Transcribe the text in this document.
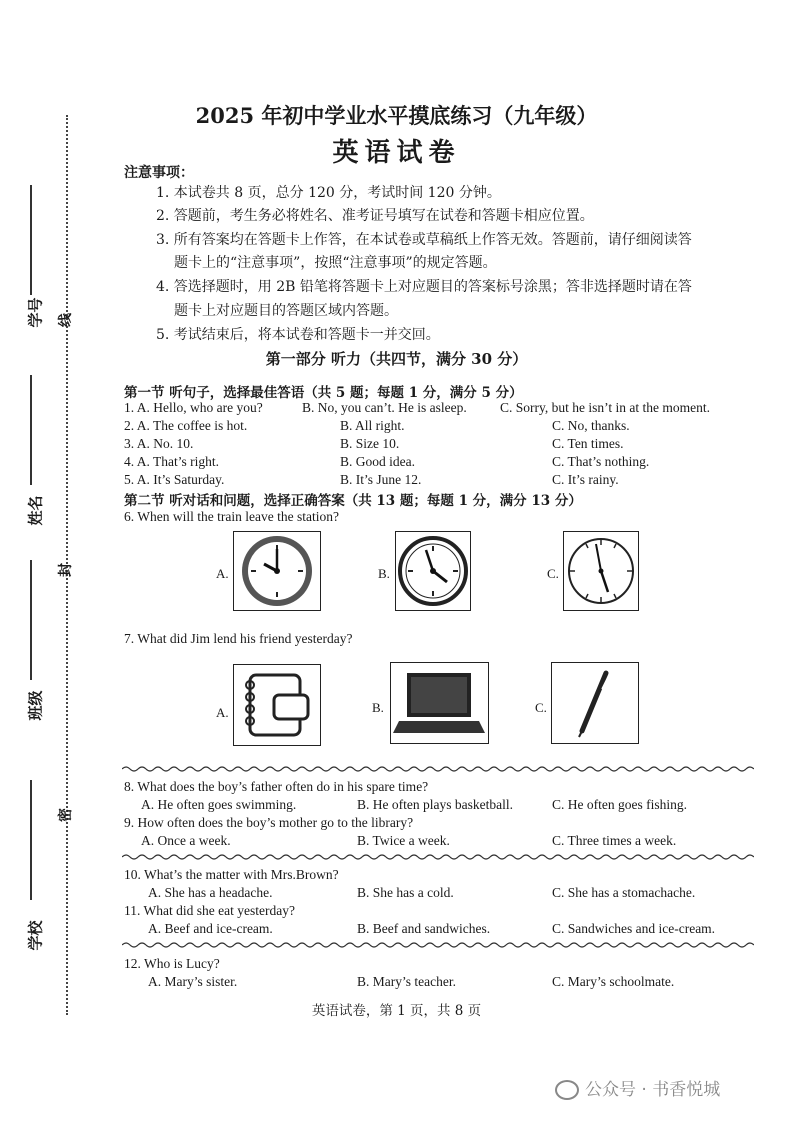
学号
姓名
班级
学校
线
封
密
2025 年初中学业水平摸底练习（九年级）
英语试卷
注意事项：
1. 本试卷共 8 页，总分 120 分，考试时间 120 分钟。
2. 答题前，考生务必将姓名、准考证号填写在试卷和答题卡相应位置。
3. 所有答案均在答题卡上作答，在本试卷或草稿纸上作答无效。答题前，请仔细阅读答
题卡上的“注意事项”，按照“注意事项”的规定答题。
4. 答选择题时，用 2B 铅笔将答题卡上对应题目的答案标号涂黑；答非选择题时请在答
题卡上对应题目的答题区域内答题。
5. 考试结束后，将本试卷和答题卡一并交回。
第一部分 听力（共四节，满分 30 分）
第一节 听句子，选择最佳答语（共 5 题；每题 1 分，满分 5 分）
1. A. Hello, who are you?	B. No, you can’t. He is asleep. C. Sorry, but he isn’t in at the moment.
2. A. The coffee is hot.	B. All right.	C. No, thanks.
3. A. No. 10.	B. Size 10.	C. Ten times.
4. A. That’s right.	B. Good idea.	C. That’s nothing.
5. A. It’s Saturday.	B. It’s June 12.	C. It’s rainy.
第二节 听对话和问题，选择正确答案（共 13 题；每题 1 分，满分 13 分）
6. When will the train leave the station?
A.	B.	C.
7. What did Jim lend his friend yesterday?
A.	B.	C.
8. What does the boy’s father often do in his spare time?
A. He often goes swimming.	B. He often plays basketball.	C. He often goes fishing.
9. How often does the boy’s mother go to the library?
A. Once a week.	B. Twice a week.	C. Three times a week.
10. What’s the matter with Mrs.Brown?
A. She has a headache.	B. She has a cold.	C. She has a stomachache.
11. What did she eat yesterday?
A. Beef and ice-cream.	B. Beef and sandwiches.	C. Sandwiches and ice-cream.
12. Who is Lucy?
A. Mary’s sister.	B. Mary’s teacher.	C. Mary’s schoolmate.
英语试卷，第 1 页，共 8 页
公众号 · 书香悦城
